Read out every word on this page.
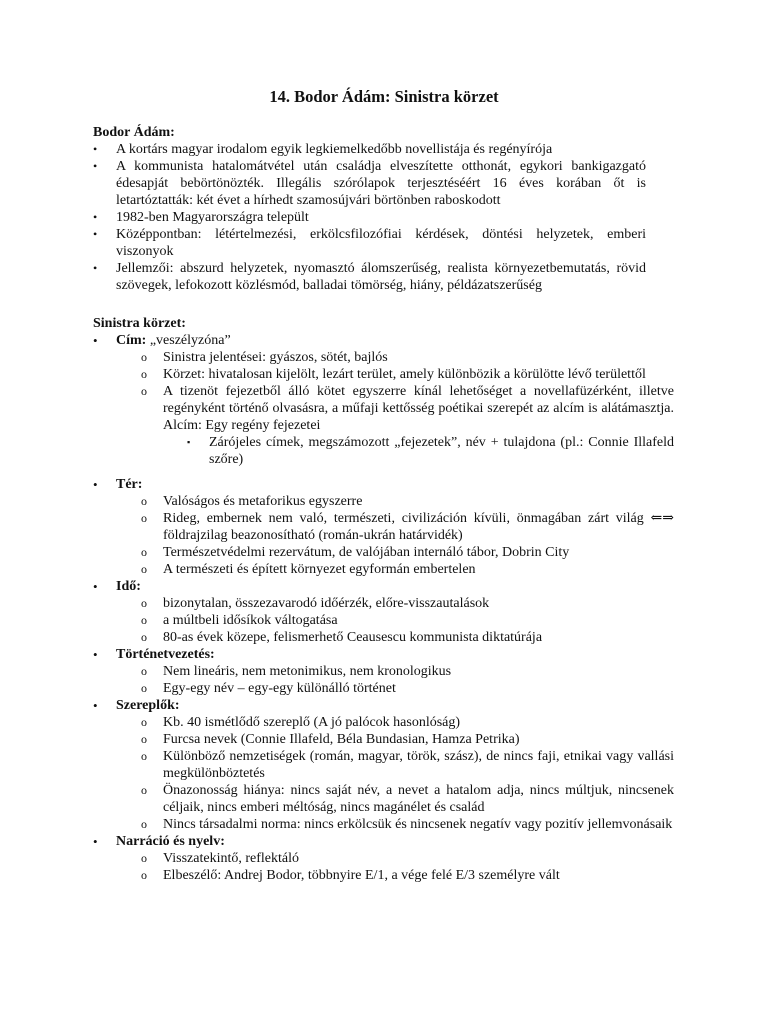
14. Bodor Ádám: Sinistra körzet

Bodor Ádám:

• A kortárs magyar irodalom egyik legkiemelkedőbb novellistája és regényírója
• A kommunista hatalomátvétel után családja elveszítette otthonát, egykori bankigazgató édesapját bebörtönözték. Illegális szórólapok terjesztéséért 16 éves korában őt is letartóztatták: két évet a hírhedt szamosújvári börtönben raboskodott
• 1982-ben Magyarországra települt
• Középpontban: létértelmezési, erkölcsfilozófiai kérdések, döntési helyzetek, emberi viszonyok
• Jellemzői: abszurd helyzetek, nyomasztó álomszerűség, realista környezetbemutatás, rövid szövegek, lefokozott közlésmód, balladai tömörség, hiány, példázatszerűség

Sinistra körzet:

• Cím: „veszélyzóna”
o Sinistra jelentései: gyászos, sötét, bajlós
o Körzet: hivatalosan kijelölt, lezárt terület, amely különbözik a körülötte lévő területtől
o A tizenöt fejezetből álló kötet egyszerre kínál lehetőséget a novellafüzérként, illetve regényként történő olvasásra, a műfaji kettősség poétikai szerepét az alcím is alátámasztja. Alcím: Egy regény fejezetei
▪ Zárójeles címek, megszámozott „fejezetek”, név + tulajdona (pl.: Connie Illafeld szőre)
• Tér:
o Valóságos és metaforikus egyszerre
o Rideg, embernek nem való, természeti, civilizáción kívüli, önmagában zárt világ ⇐⇒ földrajzilag beazonosítható (román-ukrán határvidék)
o Természetvédelmi rezervátum, de valójában internáló tábor, Dobrin City
o A természeti és épített környezet egyformán embertelen
• Idő:
o bizonytalan, összezavarodó időérzék, előre-visszautalások
o a múltbeli idősíkok váltogatása
o 80-as évek közepe, felismerhető Ceausescu kommunista diktatúrája
• Történetvezetés:
o Nem lineáris, nem metonimikus, nem kronologikus
o Egy-egy név – egy-egy különálló történet
• Szereplők:
o Kb. 40 ismétlődő szereplő (A jó palócok hasonlóság)
o Furcsa nevek (Connie Illafeld, Béla Bundasian, Hamza Petrika)
o Különböző nemzetiségek (román, magyar, török, szász), de nincs faji, etnikai vagy vallási megkülönböztetés
o Önazonosság hiánya: nincs saját név, a nevet a hatalom adja, nincs múltjuk, nincsenek céljaik, nincs emberi méltóság, nincs magánélet és család
o Nincs társadalmi norma: nincs erkölcsük és nincsenek negatív vagy pozitív jellemvonásaik
• Narráció és nyelv:
o Visszatekintő, reflektáló
o Elbeszélő: Andrej Bodor, többnyire E/1, a vége felé E/3 személyre vált
